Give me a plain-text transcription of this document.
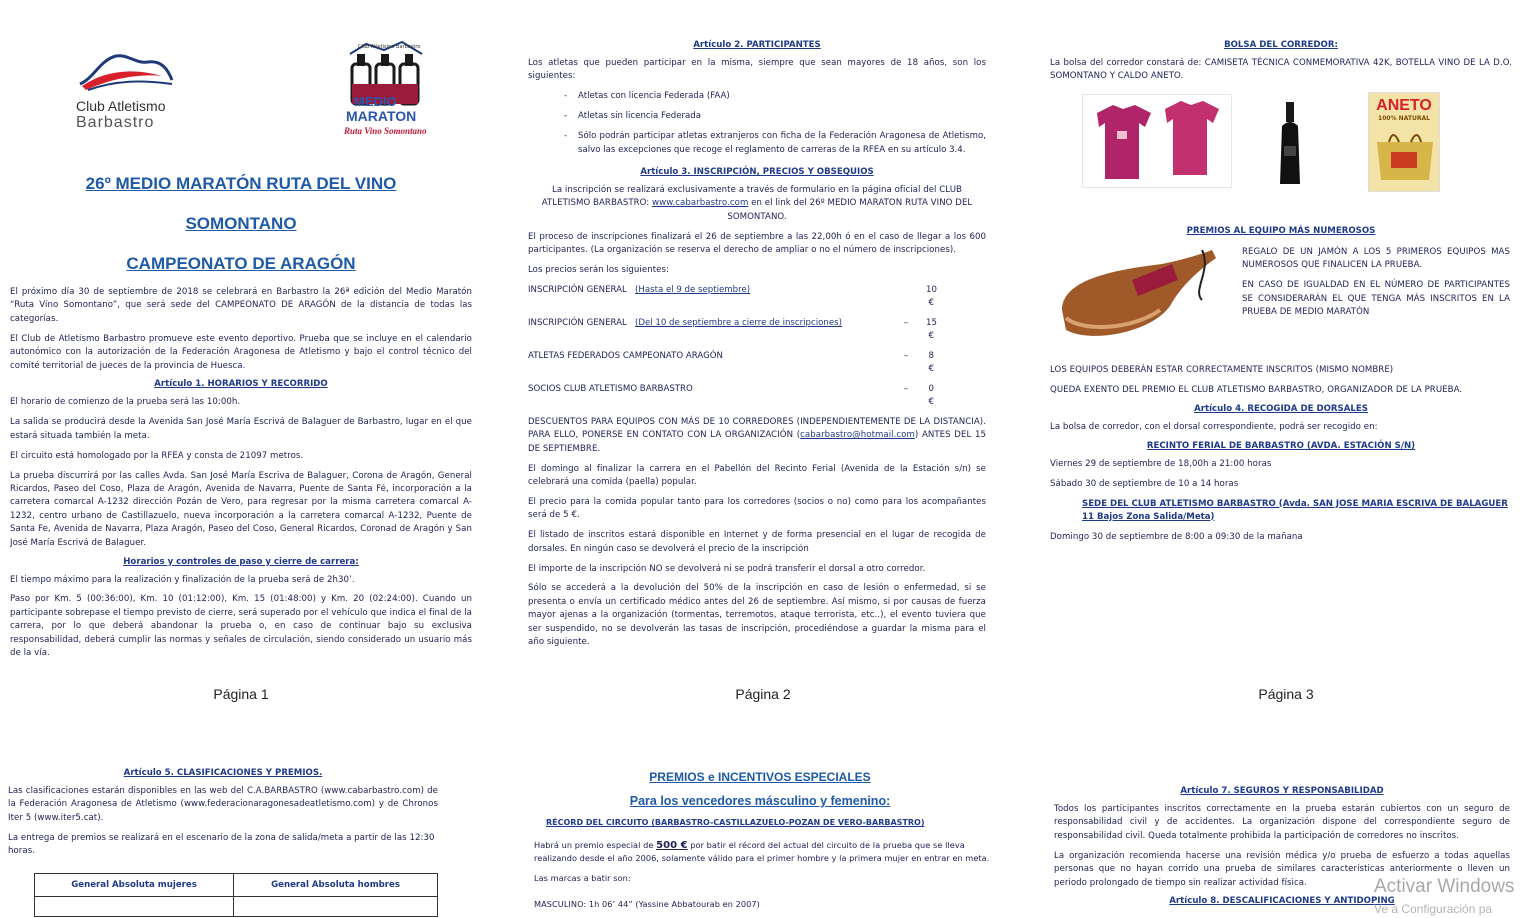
Club Atletismo
Barbastro
Club Atletismo Barbastro
MEDIO
MARATON
Ruta Vino Somontano
26º MEDIO MARATÓN RUTA DEL VINO
SOMONTANO
CAMPEONATO DE ARAGÓN

El próximo día 30 de septiembre de 2018 se celebrará en Barbastro la 26ª edición del Medio Maratón “Ruta Vino Somontano”, que será sede del CAMPEONATO DE ARAGÓN de la distancia de todas las categorías.

El Club de Atletismo Barbastro promueve este evento deportivo. Prueba que se incluye en el calendario autonómico con la autorización de la Federación Aragonesa de Atletismo y bajo el control técnico del comité territorial de jueces de la provincia de Huesca.

Artículo 1. HORARIOS Y RECORRIDO

El horario de comienzo de la prueba será las 10:00h.

La salida se producirá desde la Avenida San José María Escrivá de Balaguer de Barbastro, lugar en el que estará situada también la meta.

El circuito está homologado por la RFEA y consta de 21097 metros.

La prueba discurrirá por las calles Avda. San José María Escriva de Balaguer, Corona de Aragón, General Ricardos, Paseo del Coso, Plaza de Aragón, Avenida de Navarra, Puente de Santa Fé, incorporación a la carretera comarcal A-1232 dirección Pozán de Vero, para regresar por la misma carretera comarcal A-1232, centro urbano de Castillazuelo, nueva incorporación a la carretera comarcal A-1232, Puente de Santa Fe, Avenida de Navarra, Plaza Aragón, Paseo del Coso, General Ricardos, Coronad de Aragón y San José María Escrivá de Balaguer.

Horarios y controles de paso y cierre de carrera:

El tiempo máximo para la realización y finalización de la prueba será de 2h30’.

Paso por Km. 5 (00:36:00), Km. 10 (01:12:00), Km. 15 (01:48:00) y Km. 20 (02:24:00). Cuando un participante sobrepase el tiempo previsto de cierre, será superado por el vehículo que indica el final de la carrera, por lo que deberá abandonar la prueba o, en caso de continuar bajo su exclusiva responsabilidad, deberá cumplir las normas y señales de circulación, siendo considerado un usuario más de la vía.

Página 1
Artículo 2. PARTICIPANTES

Los atletas que pueden participar en la misma, siempre que sean mayores de 18 años, son los siguientes:

- Atletas con licencia Federada (FAA)
- Atletas sin licencia Federada
- Sólo podrán participar atletas extranjeros con ficha de la Federación Aragonesa de Atletismo, salvo las excepciones que recoge el reglamento de carreras de la RFEA en su artículo 3.4.
Artículo 3. INSCRIPCIÓN, PRECIOS Y OBSEQUIOS

La inscripción se realizará exclusivamente a través de formulario en la página oficial del CLUB ATLETISMO BARBASTRO: www.cabarbastro.com en el link del 26º MEDIO MARATON RUTA VINO DEL SOMONTANO.

El proceso de inscripciones finalizará el 26 de septiembre a las 22,00h ó en el caso de llegar a los 600 participantes. (La organización se reserva el derecho de ampliar o no el número de inscripciones).

Los precios serán los siguientes:

INSCRIPCIÓN GENERAL (Hasta el 9 de septiembre)	10 €
INSCRIPCIÓN GENERAL (Del 10 de septiembre a cierre de inscripciones)	–	15 €
ATLETAS FEDERADOS CAMPEONATO ARAGÓN	–	8 €
SOCIOS CLUB ATLETISMO BARBASTRO	–	0 €

DESCUENTOS PARA EQUIPOS CON MÁS DE 10 CORREDORES (INDEPENDIENTEMENTE DE LA DISTANCIA). PARA ELLO, PONERSE EN CONTATO CON LA ORGANIZACIÓN (cabarbastro@hotmail.com) ANTES DEL 15 DE SEPTIEMBRE.

El domingo al finalizar la carrera en el Pabellón del Recinto Ferial (Avenida de la Estación s/n) se celebrará una comida (paella) popular.

El precio para la comida popular tanto para los corredores (socios o no) como para los acompañantes será de 5 €.

El listado de inscritos estará disponible en Internet y de forma presencial en el lugar de recogida de dorsales. En ningún caso se devolverá el precio de la inscripción

El importe de la inscripción NO se devolverá ni se podrá transferir el dorsal a otro corredor.

Sólo se accederá a la devolución del 50% de la inscripción en caso de lesión o enfermedad, si se presenta o envía un certificado médico antes del 26 de septiembre. Así mismo, si por causas de fuerza mayor ajenas a la organización (tormentas, terremotos, ataque terrorista, etc..), el evento tuviera que ser suspendido, no se devolverán las tasas de inscripción, procediéndose a guardar la misma para el año siguiente.

Página 2
BOLSA DEL CORREDOR:

La bolsa del corredor constará de: CAMISETA TÉCNICA CONMEMORATIVA 42K, BOTELLA VINO DE LA D.O. SOMONTANO Y CALDO ANETO.

ANETO
100% NATURAL
PREMIOS AL EQUIPO MÁS NUMEROSOS

REGALO DE UN JAMÓN A LOS 5 PRIMEROS EQUIPOS MAS NUMEROSOS QUE FINALICEN LA PRUEBA.

EN CASO DE IGUALDAD EN EL NÚMERO DE PARTICIPANTES SE CONSIDERARÁN EL QUE TENGA MÁS INSCRITOS EN LA PRUEBA DE MEDIO MARATÓN

LOS EQUIPOS DEBERÁN ESTAR CORRECTAMENTE INSCRITOS (MISMO NOMBRE)

QUEDA EXENTO DEL PREMIO EL CLUB ATLETISMO BARBASTRO, ORGANIZADOR DE LA PRUEBA.

Artículo 4. RECOGIDA DE DORSALES

La bolsa de corredor, con el dorsal correspondiente, podrá ser recogido en:

RECINTO FERIAL DE BARBASTRO (AVDA. ESTACIÓN S/N)

Viernes 29 de septiembre de 18,00h a 21:00 horas

Sábado 30 de septiembre de 10 a 14 horas

SEDE DEL CLUB ATLETISMO BARBASTRO (Avda. SAN JOSE MARIA ESCRIVA DE BALAGUER 11 Bajos Zona Salida/Meta)

Domingo 30 de septiembre de 8:00 a 09:30 de la mañana

Página 3
Artículo 5. CLASIFICACIONES Y PREMIOS.

Las clasificaciones estarán disponibles en las web del C.A.BARBASTRO (www.cabarbastro.com) de la Federación Aragonesa de Atletismo (www.federacionaragonesadeatletismo.com) y de Chronos Iter 5 (www.iter5.cat).

La entrega de premios se realizará en el escenario de la zona de salida/meta a partir de las 12:30 horas.

General Absoluta mujeres	General Absoluta hombres

PREMIOS e INCENTIVOS ESPECIALES
Para los vencedores másculino y femenino:
RÉCORD DEL CIRCUITO (BARBASTRO-CASTILLAZUELO-POZAN DE VERO-BARBASTRO)

Habrá un premio especial de 500 € por batir el récord del actual del circuito de la prueba que se lleva realizando desde el año 2006, solamente válido para el primer hombre y la primera mujer en entrar en meta.

Las marcas a batir son:

MASCULINO: 1h 06’ 44” (Yassine Abbatourab en 2007)

Artículo 7. SEGUROS Y RESPONSABILIDAD

Todos los participantes inscritos correctamente en la prueba estarán cubiertos con un seguro de responsabilidad civil y de accidentes. La organización dispone del correspondiente seguro de responsabilidad civil. Queda totalmente prohibida la participación de corredores no inscritos.

La organización recomienda hacerse una revisión médica y/o prueba de esfuerzo a todas aquellas personas que no hayan corrido una prueba de similares características anteriormente o lleven un periodo prolongado de tiempo sin realizar actividad física.

Artículo 8. DESCALIFICACIONES Y ANTIDOPING
Activar Windows
Ve a Configuración pa
